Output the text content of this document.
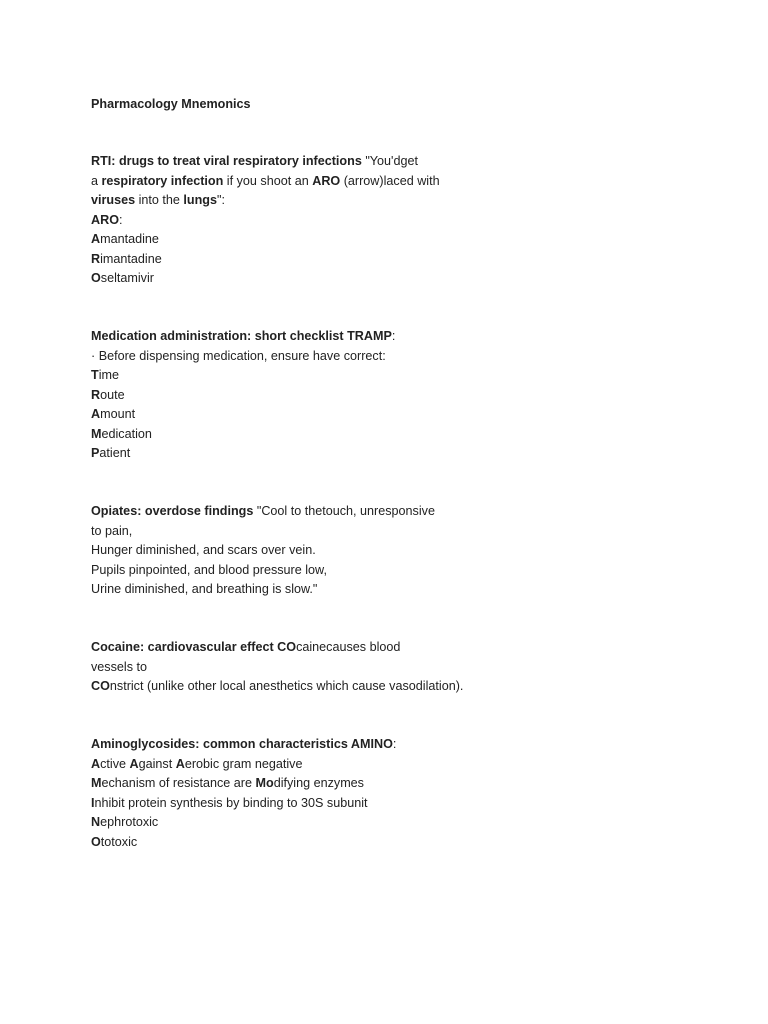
Pharmacology Mnemonics
RTI: drugs to treat viral respiratory infections "You'dget
a respiratory infection if you shoot an ARO (arrow)laced with
viruses into the lungs":
ARO:
Amantadine
Rimantadine
Oseltamivir
Medication administration: short checklist TRAMP:
· Before dispensing medication, ensure have correct:
Time
Route
Amount
Medication
Patient
Opiates: overdose findings "Cool to thetouch, unresponsive
to pain,
Hunger diminished, and scars over vein.
Pupils pinpointed, and blood pressure low,
Urine diminished, and breathing is slow."
Cocaine: cardiovascular effect COcainecauses blood
vessels to
COnstrict (unlike other local anesthetics which cause vasodilation).
Aminoglycosides: common characteristics AMINO:
Active Against Aerobic gram negative
Mechanism of resistance are Modifying enzymes
Inhibit protein synthesis by binding to 30S subunit
Nephrotoxic
Ototoxic
